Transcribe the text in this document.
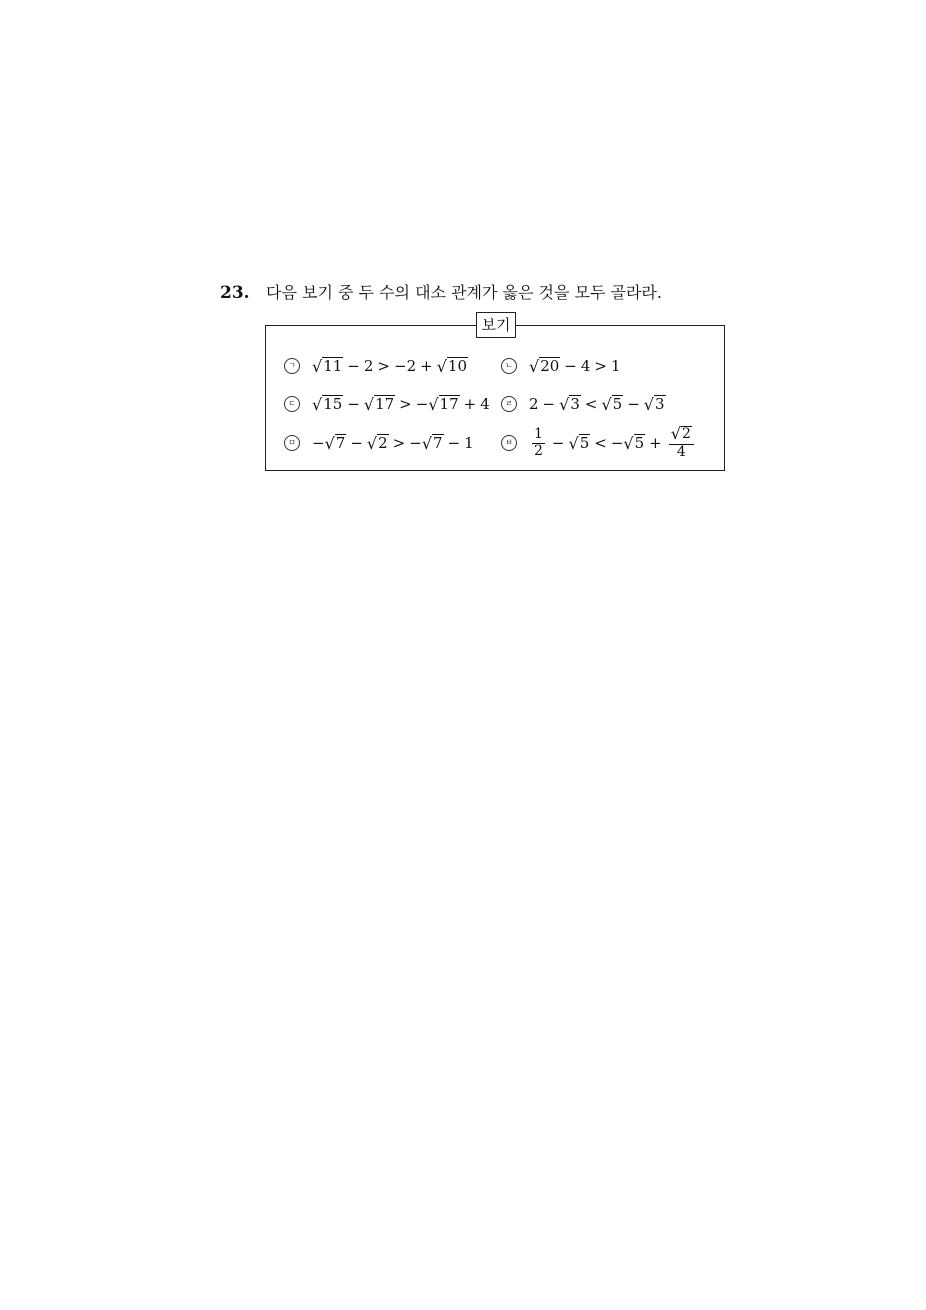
23. 다음 보기 중 두 수의 대소 관계가 옳은 것을 모두 골라라.
보기
ㄱ √ 11 − 2 > −2 + √ 10	ㄴ √ 20 − 4 > 1
ㄷ √ 15 − √ 17 > − √ 17 + 4	ㄹ 2 − √ 3 < √ 5 − √ 3
ㅁ − √ 7 − √ 2 > − √ 7 − 1	ㅂ $\frac{1}{2}$ − √ 5 < − √ $5 + \frac{√ 2}{4}$
